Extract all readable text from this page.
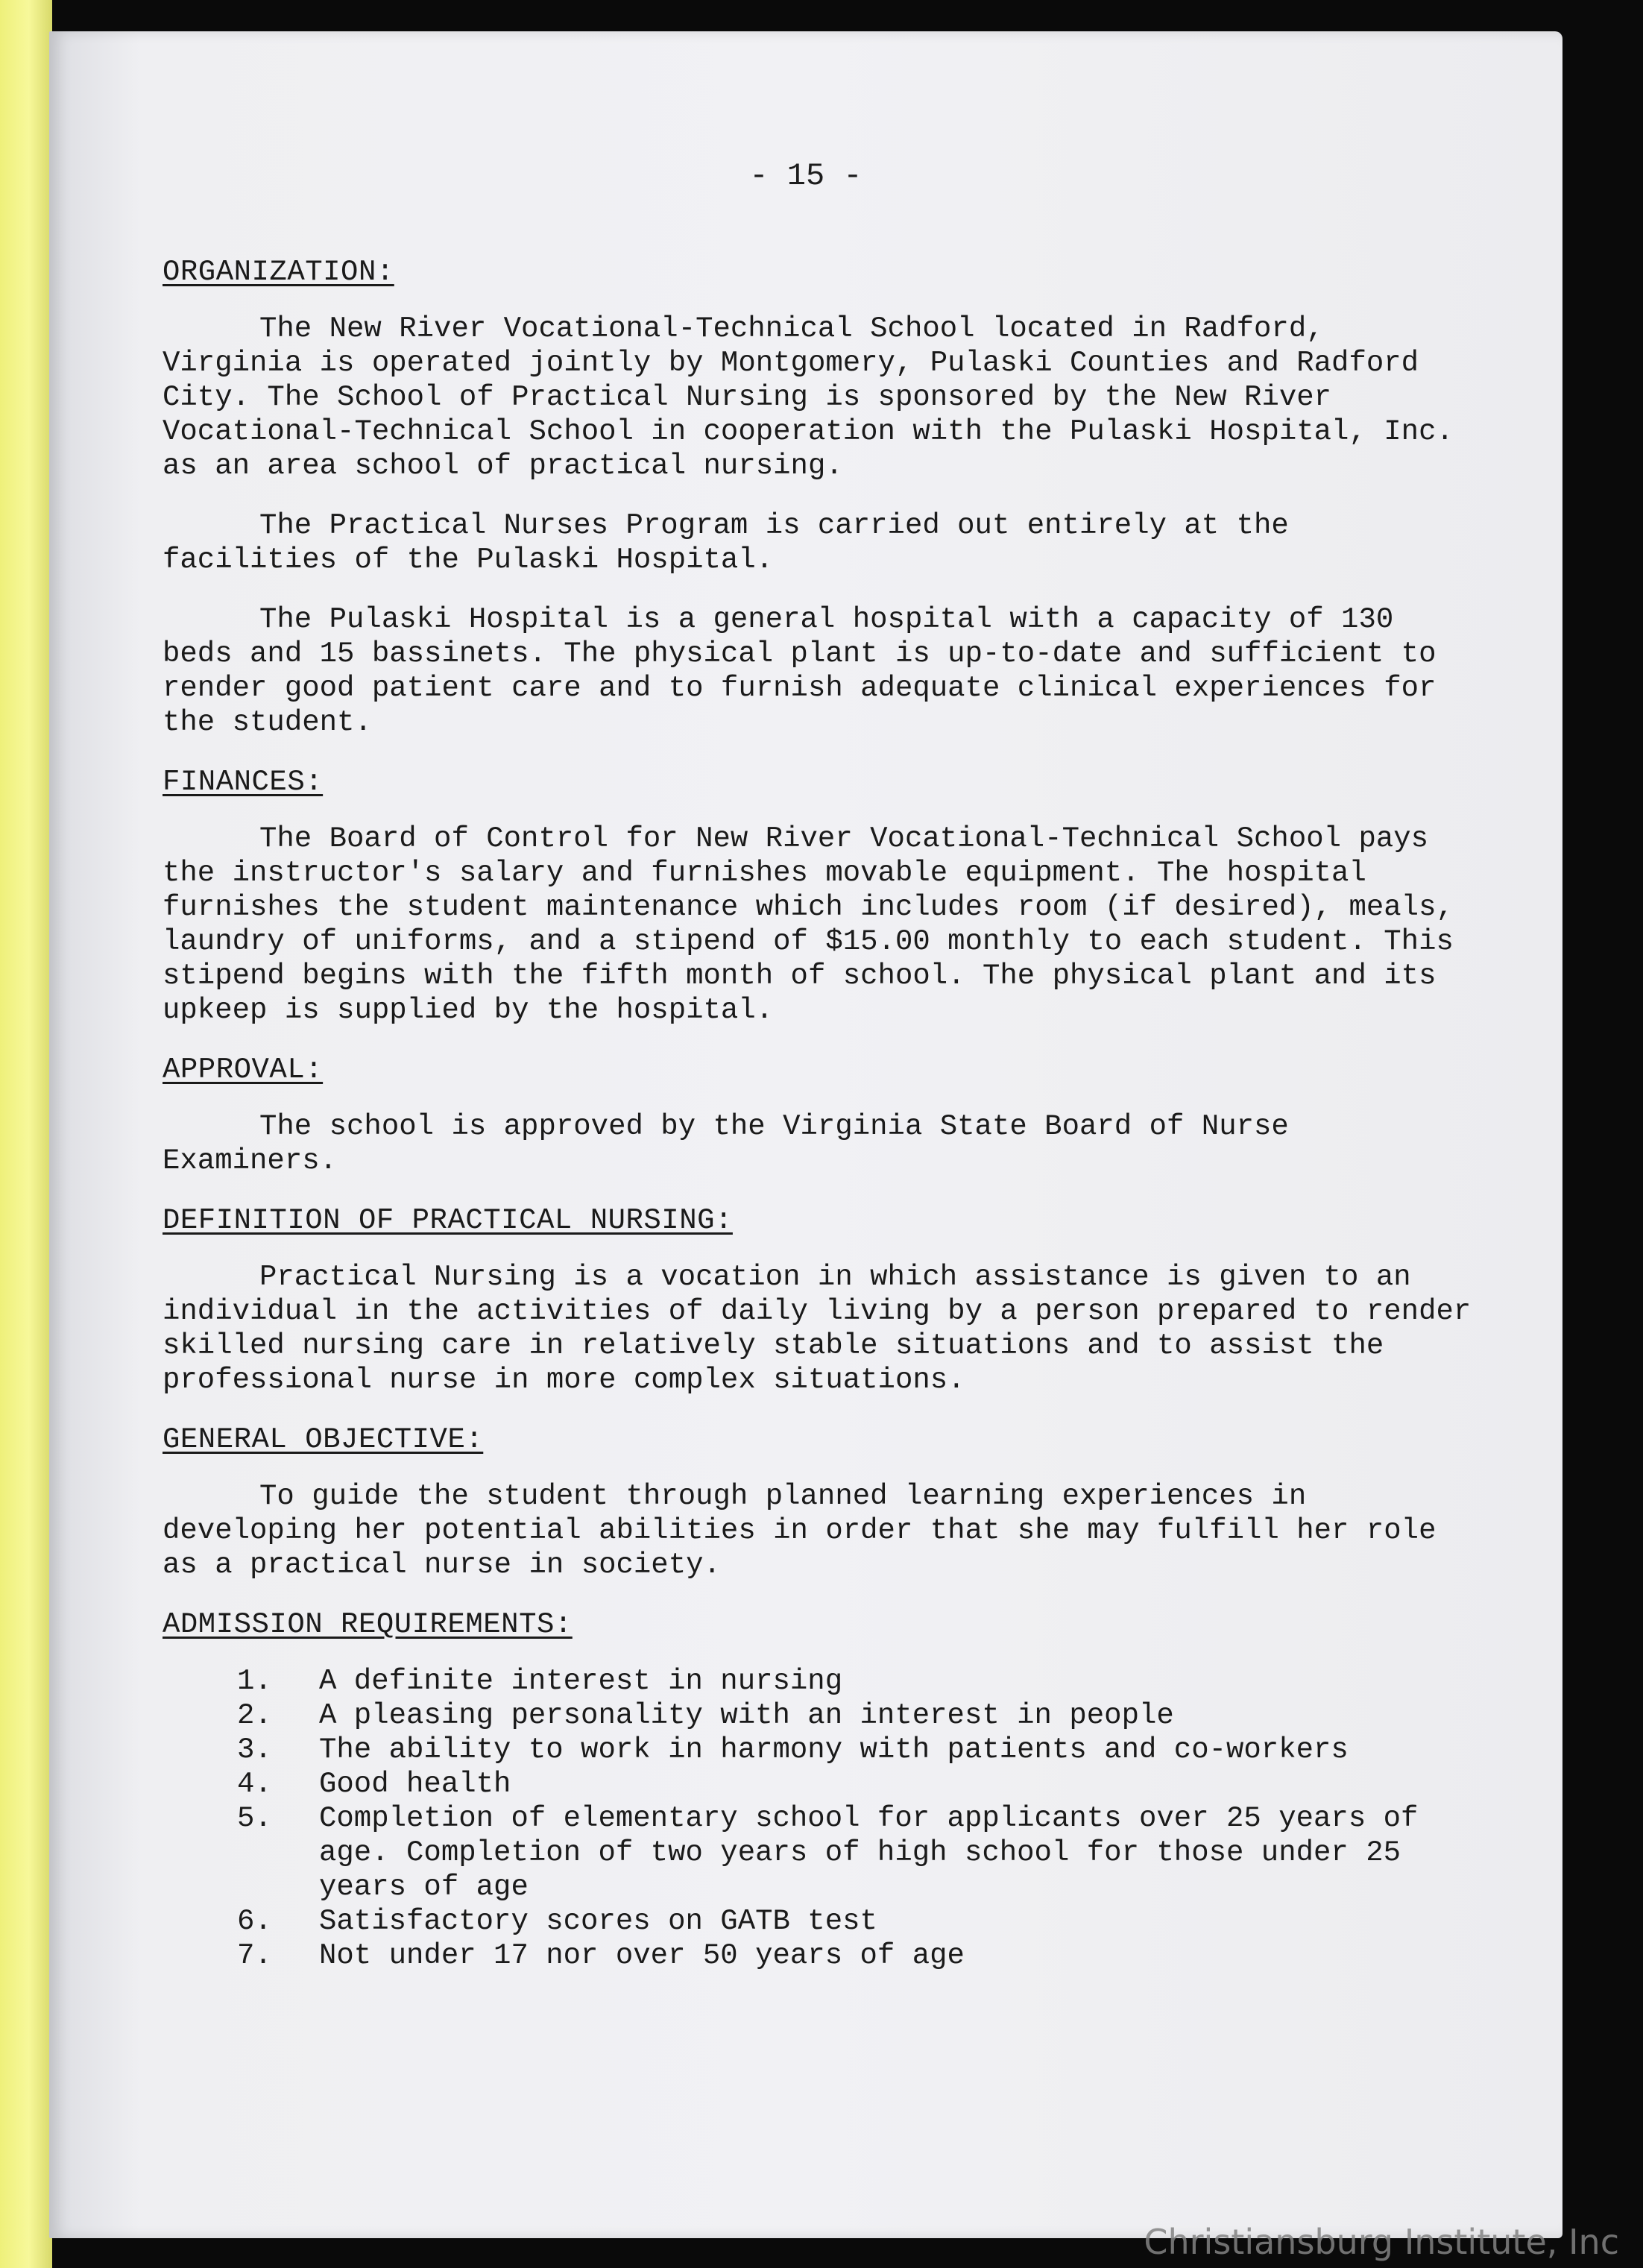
- 15 -
ORGANIZATION:

The New River Vocational-Technical School located in Radford, Virginia is operated jointly by Montgomery, Pulaski Counties and Radford City. The School of Practical Nursing is sponsored by the New River Vocational-Technical School in cooperation with the Pulaski Hospital, Inc. as an area school of practical nursing.

The Practical Nurses Program is carried out entirely at the facilities of the Pulaski Hospital.

The Pulaski Hospital is a general hospital with a capacity of 130 beds and 15 bassinets. The physical plant is up-to-date and sufficient to render good patient care and to furnish adequate clinical experiences for the student.

FINANCES:

The Board of Control for New River Vocational-Technical School pays the instructor's salary and furnishes movable equipment. The hospital furnishes the student maintenance which includes room (if desired), meals, laundry of uniforms, and a stipend of $15.00 monthly to each student. This stipend begins with the fifth month of school. The physical plant and its upkeep is supplied by the hospital.

APPROVAL:

The school is approved by the Virginia State Board of Nurse Examiners.

DEFINITION OF PRACTICAL NURSING:

Practical Nursing is a vocation in which assistance is given to an individual in the activities of daily living by a person prepared to render skilled nursing care in relatively stable situations and to assist the professional nurse in more complex situations.

GENERAL OBJECTIVE:

To guide the student through planned learning experiences in developing her potential abilities in order that she may fulfill her role as a practical nurse in society.

ADMISSION REQUIREMENTS:
1.	A definite interest in nursing
2.	A pleasing personality with an interest in people
3.	The ability to work in harmony with patients and co-workers
4.	Good health
5.	Completion of elementary school for applicants over 25 years of age. Completion of two years of high school for those under 25 years of age
6.	Satisfactory scores on GATB test
7.	Not under 17 nor over 50 years of age
Christiansburg Institute, Inc
